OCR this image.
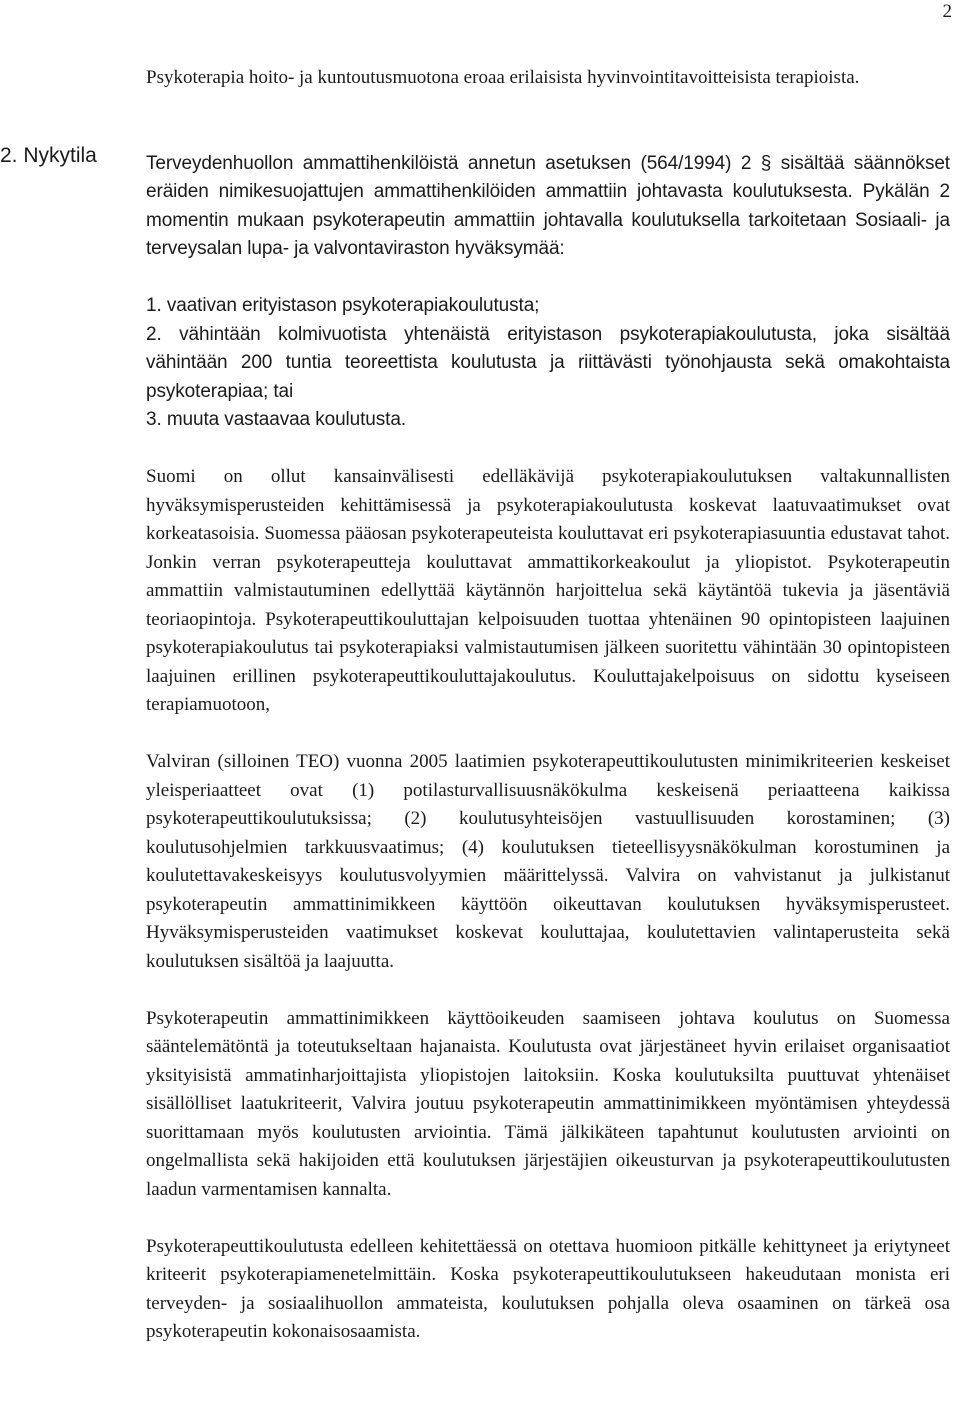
2
2. Nykytila

Psykoterapia hoito- ja kuntoutusmuotona eroaa erilaisista hyvinvointitavoitteisista terapioista.

Terveydenhuollon ammattihenkilöistä annetun asetuksen (564/1994) 2 § sisältää säännökset eräiden nimikesuojattujen ammattihenkilöiden ammattiin johtavasta koulutuksesta. Pykälän 2 momentin mukaan psykoterapeutin ammattiin johtavalla koulutuksella tarkoitetaan Sosiaali- ja terveysalan lupa- ja valvontaviraston hyväksymää:

1. vaativan erityistason psykoterapiakoulutusta;

2. vähintään kolmivuotista yhtenäistä erityistason psykoterapiakoulutusta, joka sisältää vähintään 200 tuntia teoreettista koulutusta ja riittävästi työnohjausta sekä omakohtaista psykoterapiaa; tai

3. muuta vastaavaa koulutusta.

Suomi on ollut kansainvälisesti edelläkävijä psykoterapiakoulutuksen valtakunnallisten hyväksymisperusteiden kehittämisessä ja psykoterapiakoulutusta koskevat laatuvaatimukset ovat korkeatasoisia. Suomessa pääosan psykoterapeuteista kouluttavat eri psykoterapiasuuntia edustavat tahot. Jonkin verran psykoterapeutteja kouluttavat ammattikorkeakoulut ja yliopistot. Psykoterapeutin ammattiin valmistautuminen edellyttää käytännön harjoittelua sekä käytäntöä tukevia ja jäsentäviä teoriaopintoja. Psykoterapeuttikouluttajan kelpoisuuden tuottaa yhtenäinen 90 opintopisteen laajuinen psykoterapiakoulutus tai psykoterapiaksi valmistautumisen jälkeen suoritettu vähintään 30 opintopisteen laajuinen erillinen psykoterapeuttikouluttajakoulutus. Kouluttajakelpoisuus on sidottu kyseiseen terapiamuotoon,

Valviran (silloinen TEO) vuonna 2005 laatimien psykoterapeuttikoulutusten minimikriteerien keskeiset yleisperiaatteet ovat (1) potilasturvallisuusnäkökulma keskeisenä periaatteena kaikissa psykoterapeuttikoulutuksissa; (2) koulutusyhteisöjen vastuullisuuden korostaminen; (3) koulutusohjelmien tarkkuusvaatimus; (4) koulutuksen tieteellisyysnäkökulman korostuminen ja koulutettavakeskeisyys koulutusvolyymien määrittelyssä. Valvira on vahvistanut ja julkistanut psykoterapeutin ammattinimikkeen käyttöön oikeuttavan koulutuksen hyväksymisperusteet. Hyväksymisperusteiden vaatimukset koskevat kouluttajaa, koulutettavien valintaperusteita sekä koulutuksen sisältöä ja laajuutta.

Psykoterapeutin ammattinimikkeen käyttöoikeuden saamiseen johtava koulutus on Suomessa sääntelemätöntä ja toteutukseltaan hajanaista. Koulutusta ovat järjestäneet hyvin erilaiset organisaatiot yksityisistä ammatinharjoittajista yliopistojen laitoksiin. Koska koulutuksilta puuttuvat yhtenäiset sisällölliset laatukriteerit, Valvira joutuu psykoterapeutin ammattinimikkeen myöntämisen yhteydessä suorittamaan myös koulutusten arviointia. Tämä jälkikäteen tapahtunut koulutusten arviointi on ongelmallista sekä hakijoiden että koulutuksen järjestäjien oikeusturvan ja psykoterapeuttikoulutusten laadun varmentamisen kannalta.

Psykoterapeuttikoulutusta edelleen kehitettäessä on otettava huomioon pitkälle kehittyneet ja eriytyneet kriteerit psykoterapiamenetelmittäin. Koska psykoterapeuttikoulutukseen hakeudutaan monista eri terveyden- ja sosiaalihuollon ammateista, koulutuksen pohjalla oleva osaaminen on tärkeä osa psykoterapeutin kokonaisosaamista.
